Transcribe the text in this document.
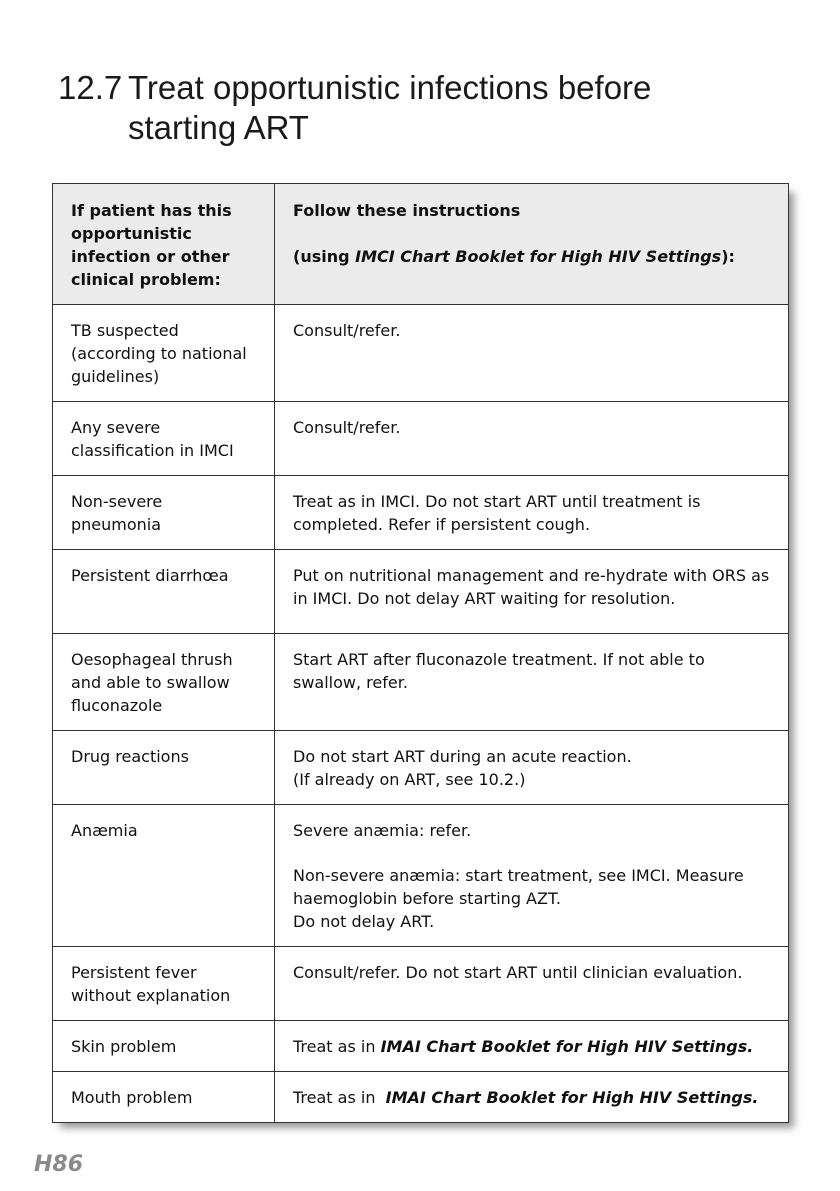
12.7 Treat opportunistic infections before
starting ART
If patient has this opportunistic infection or other clinical problem:	Follow these instructions
(using IMCI Chart Booklet for High HIV Settings):

TB suspected (according to national guidelines)	Consult/refer.
Any severe classification in IMCI	Consult/refer.
Non-severe pneumonia	Treat as in IMCI. Do not start ART until treatment is completed. Refer if persistent cough.
Persistent diarrhœa	Put on nutritional management and re-hydrate with ORS as in IMCI. Do not delay ART waiting for resolution.
Oesophageal thrush and able to swallow fluconazole	Start ART after fluconazole treatment. If not able to swallow, refer.
Drug reactions	Do not start ART during an acute reaction.
(If already on ART, see 10.2.)

Anæmia	Severe anæmia: refer.
Non-severe anæmia: start treatment, see IMCI. Measure haemoglobin before starting AZT.
Do not delay ART.

Persistent fever without explanation	Consult/refer. Do not start ART until clinician evaluation.
Skin problem	Treat as in IMAI Chart Booklet for High HIV Settings.
Mouth problem	Treat as in  IMAI Chart Booklet for High HIV Settings.
H86
